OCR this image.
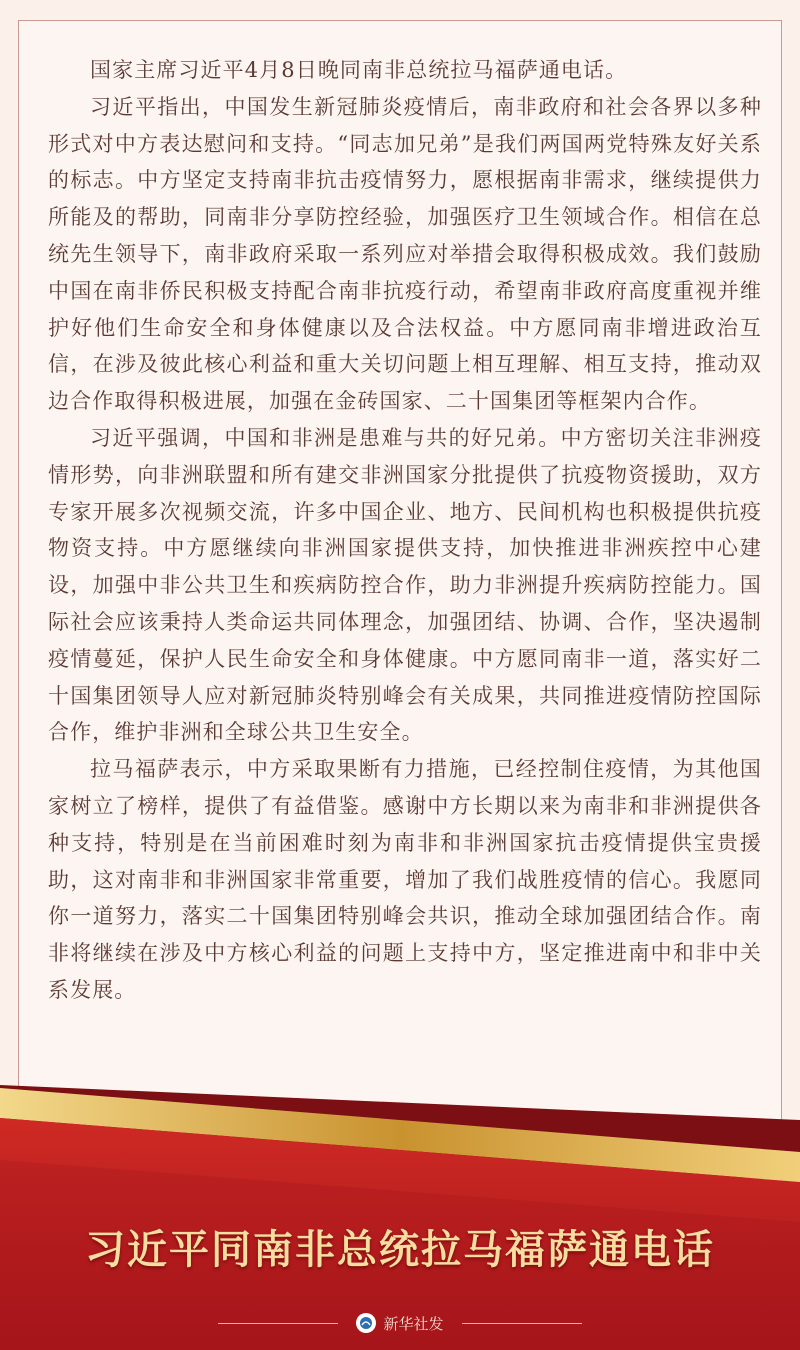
国家主席习近平4月8日晚同南非总统拉马福萨通电话。

习近平指出，中国发生新冠肺炎疫情后，南非政府和社会各界以多种形式对中方表达慰问和支持。“同志加兄弟”是我们两国两党特殊友好关系的标志。中方坚定支持南非抗击疫情努力，愿根据南非需求，继续提供力所能及的帮助，同南非分享防控经验，加强医疗卫生领域合作。相信在总统先生领导下，南非政府采取一系列应对举措会取得积极成效。我们鼓励中国在南非侨民积极支持配合南非抗疫行动，希望南非政府高度重视并维护好他们生命安全和身体健康以及合法权益。中方愿同南非增进政治互信，在涉及彼此核心利益和重大关切问题上相互理解、相互支持，推动双边合作取得积极进展，加强在金砖国家、二十国集团等框架内合作。

习近平强调，中国和非洲是患难与共的好兄弟。中方密切关注非洲疫情形势，向非洲联盟和所有建交非洲国家分批提供了抗疫物资援助，双方专家开展多次视频交流，许多中国企业、地方、民间机构也积极提供抗疫物资支持。中方愿继续向非洲国家提供支持，加快推进非洲疾控中心建设，加强中非公共卫生和疾病防控合作，助力非洲提升疾病防控能力。国际社会应该秉持人类命运共同体理念，加强团结、协调、合作，坚决遏制疫情蔓延，保护人民生命安全和身体健康。中方愿同南非一道，落实好二十国集团领导人应对新冠肺炎特别峰会有关成果，共同推进疫情防控国际合作，维护非洲和全球公共卫生安全。

拉马福萨表示，中方采取果断有力措施，已经控制住疫情，为其他国家树立了榜样，提供了有益借鉴。感谢中方长期以来为南非和非洲提供各种支持，特别是在当前困难时刻为南非和非洲国家抗击疫情提供宝贵援助，这对南非和非洲国家非常重要，增加了我们战胜疫情的信心。我愿同你一道努力，落实二十国集团特别峰会共识，推动全球加强团结合作。南非将继续在涉及中方核心利益的问题上支持中方，坚定推进南中和非中关系发展。

习近平同南非总统拉马福萨通电话
新华社发
